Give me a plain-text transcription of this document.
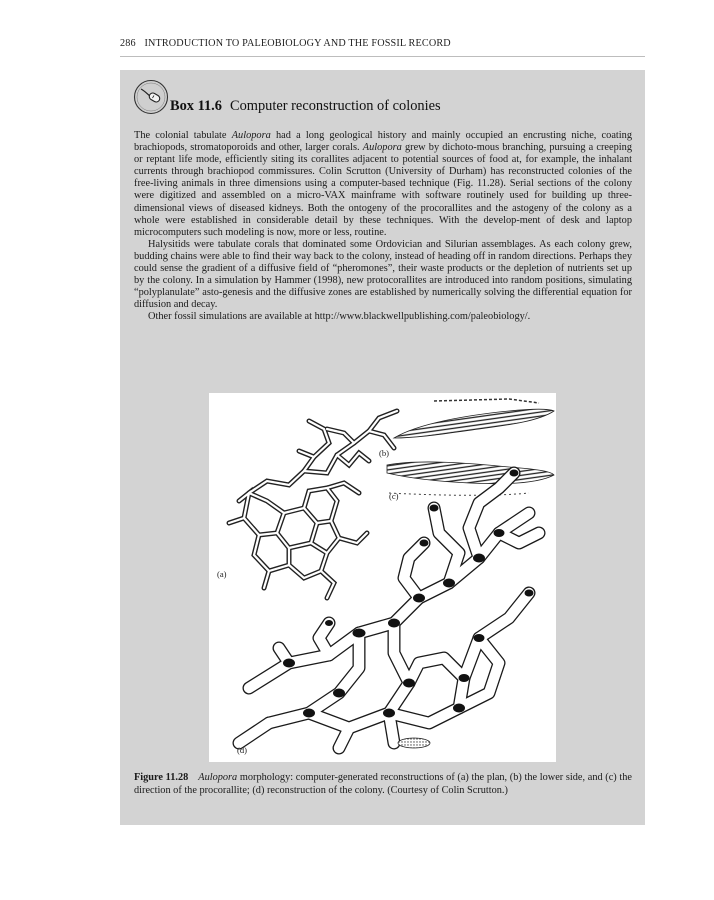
286 INTRODUCTION TO PALEOBIOLOGY AND THE FOSSIL RECORD
Box 11.6 Computer reconstruction of colonies

The colonial tabulate Aulopora had a long geological history and mainly occupied an encrusting niche, coating brachiopods, stromatoporoids and other, larger corals. Aulopora grew by dichoto-mous branching, pursuing a creeping or reptant life mode, efficiently siting its corallites adjacent to potential sources of food at, for example, the inhalant currents through brachiopod commissures. Colin Scrutton (University of Durham) has reconstructed colonies of the free-living animals in three dimensions using a computer-based technique (Fig. 11.28). Serial sections of the colony were digitized and assembled on a micro-VAX mainframe with software routinely used for building up three-dimensional views of diseased kidneys. Both the ontogeny of the procorallites and the astogeny of the colony as a whole were established in considerable detail by these techniques. With the develop-ment of desk and laptop microcomputers such modeling is now, more or less, routine.

Halysitids were tabulate corals that dominated some Ordovician and Silurian assemblages. As each colony grew, budding chains were able to find their way back to the colony, instead of heading off in random directions. Perhaps they could sense the gradient of a diffusive field of “pheromones”, their waste products or the depletion of nutrients set up by the colony. In a simulation by Hammer (1998), new protocorallites are introduced into random positions, simulating “polyplanulate” asto-genesis and the diffusive zones are established by numerically solving the differential equation for diffusion and decay.

Other fossil simulations are available at http://www.blackwellpublishing.com/paleobiology/.

(a)
(b)
(c)
(d)
Figure 11.28 Aulopora morphology: computer-generated reconstructions of (a) the plan, (b) the lower side, and (c) the direction of the procorallite; (d) reconstruction of the colony. (Courtesy of Colin Scrutton.)
